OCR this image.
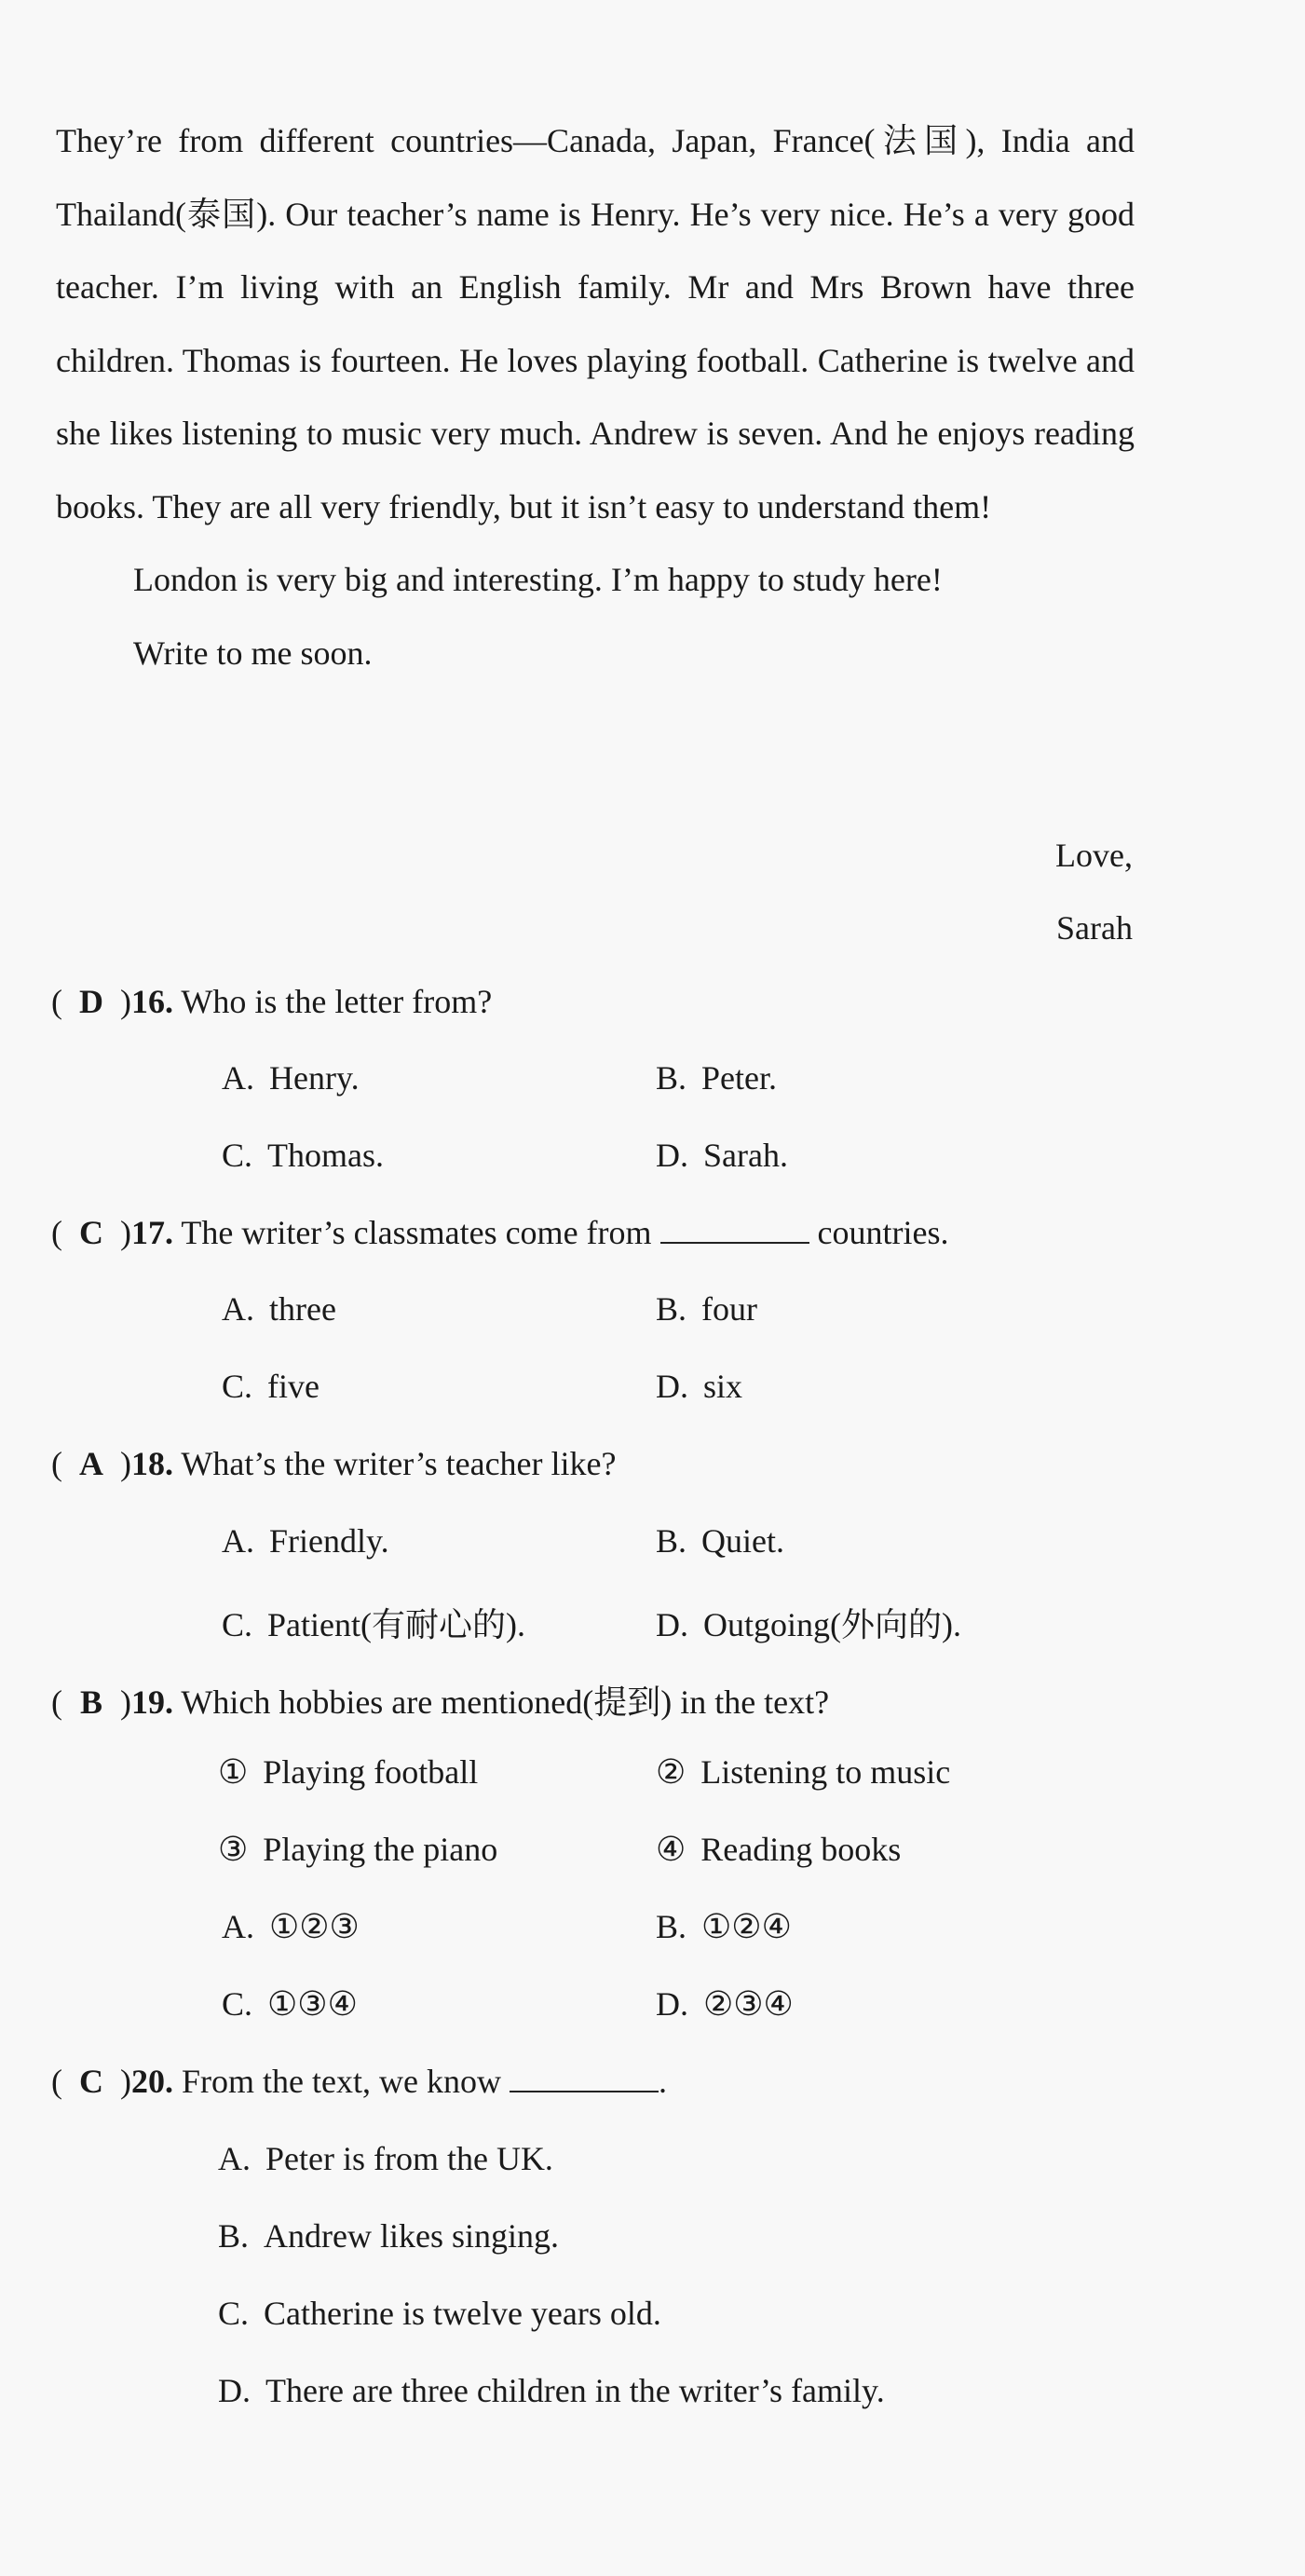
They’re from different countries—Canada, Japan, France(法国), India and Thailand(泰国). Our teacher’s name is Henry. He’s very nice. He’s a very good teacher. I’m living with an English family. Mr and Mrs Brown have three children. Thomas is fourteen. He loves playing football. Catherine is twelve and she likes listening to music very much. Andrew is seven. And he enjoys reading books. They are all very friendly, but it isn’t easy to understand them!

London is very big and interesting. I’m happy to study here!

Write to me soon.

Love,
Sarah
( D )16. Who is the letter from?
A. Henry.	B. Peter.
C. Thomas.	D. Sarah.
( C )17. The writer’s classmates come from	countries.
A. three	B. four
C. five	D. six
( A )18. What’s the writer’s teacher like?
A. Friendly.	B. Quiet.
C. Patient(有耐心的).	D. Outgoing(外向的).
( B )19. Which hobbies are mentioned(提到) in the text?
① Playing football	② Listening to music
③ Playing the piano	④ Reading books
A. ①②③	B. ①②④
C. ①③④	D. ②③④
( C )20. From the text, we know	.
A. Peter is from the UK.
B. Andrew likes singing.
C. Catherine is twelve years old.
D. There are three children in the writer’s family.
